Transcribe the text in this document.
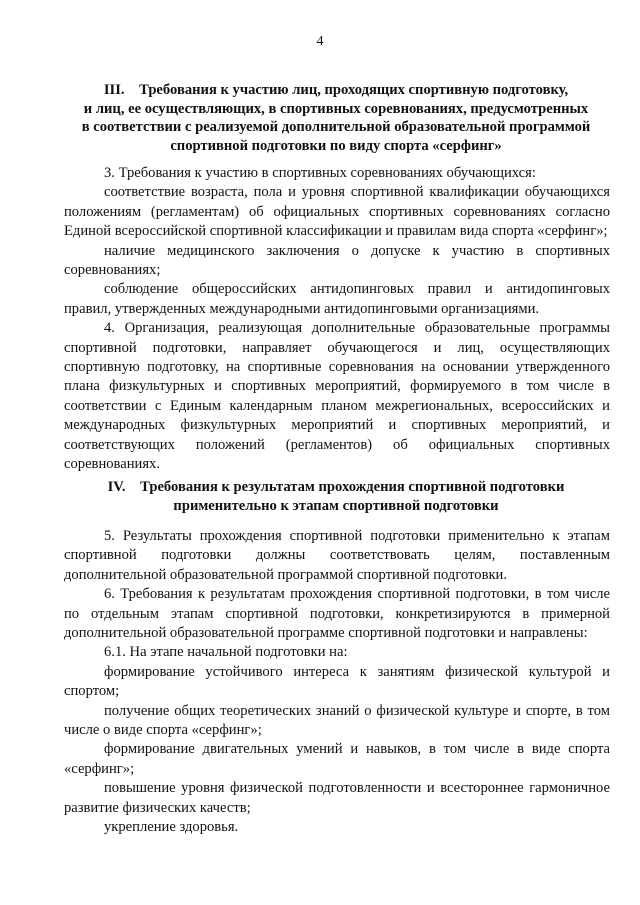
4
III.    Требования к участию лиц, проходящих спортивную подготовку,
и лиц, ее осуществляющих, в спортивных соревнованиях, предусмотренных
в соответствии с реализуемой дополнительной образовательной программой
спортивной подготовки по виду спорта «серфинг»

3. Требования к участию в спортивных соревнованиях обучающихся:

соответствие возраста, пола и уровня спортивной квалификации обучающихся положениям (регламентам) об официальных спортивных соревнованиях согласно Единой всероссийской спортивной классификации и правилам вида спорта «серфинг»;

наличие медицинского заключения о допуске к участию в спортивных соревнованиях;

соблюдение общероссийских антидопинговых правил и антидопинговых правил, утвержденных международными антидопинговыми организациями.

4. Организация, реализующая дополнительные образовательные программы спортивной подготовки, направляет обучающегося и лиц, осуществляющих спортивную подготовку, на спортивные соревнования на основании утвержденного плана физкультурных и спортивных мероприятий, формируемого в том числе в соответствии с Единым календарным планом межрегиональных, всероссийских и международных физкультурных мероприятий и спортивных мероприятий, и соответствующих положений (регламентов) об официальных спортивных соревнованиях.

IV.    Требования к результатам прохождения спортивной подготовки
применительно к этапам спортивной подготовки

5. Результаты прохождения спортивной подготовки применительно к этапам спортивной подготовки должны соответствовать целям, поставленным дополнительной образовательной программой спортивной подготовки.

6. Требования к результатам прохождения спортивной подготовки, в том числе по отдельным этапам спортивной подготовки, конкретизируются в примерной дополнительной образовательной программе спортивной подготовки и направлены:

6.1. На этапе начальной подготовки на:

формирование устойчивого интереса к занятиям физической культурой и спортом;

получение общих теоретических знаний о физической культуре и спорте, в том числе о виде спорта «серфинг»;

формирование двигательных умений и навыков, в том числе в виде спорта «серфинг»;

повышение уровня физической подготовленности и всестороннее гармоничное развитие физических качеств;

укрепление здоровья.
